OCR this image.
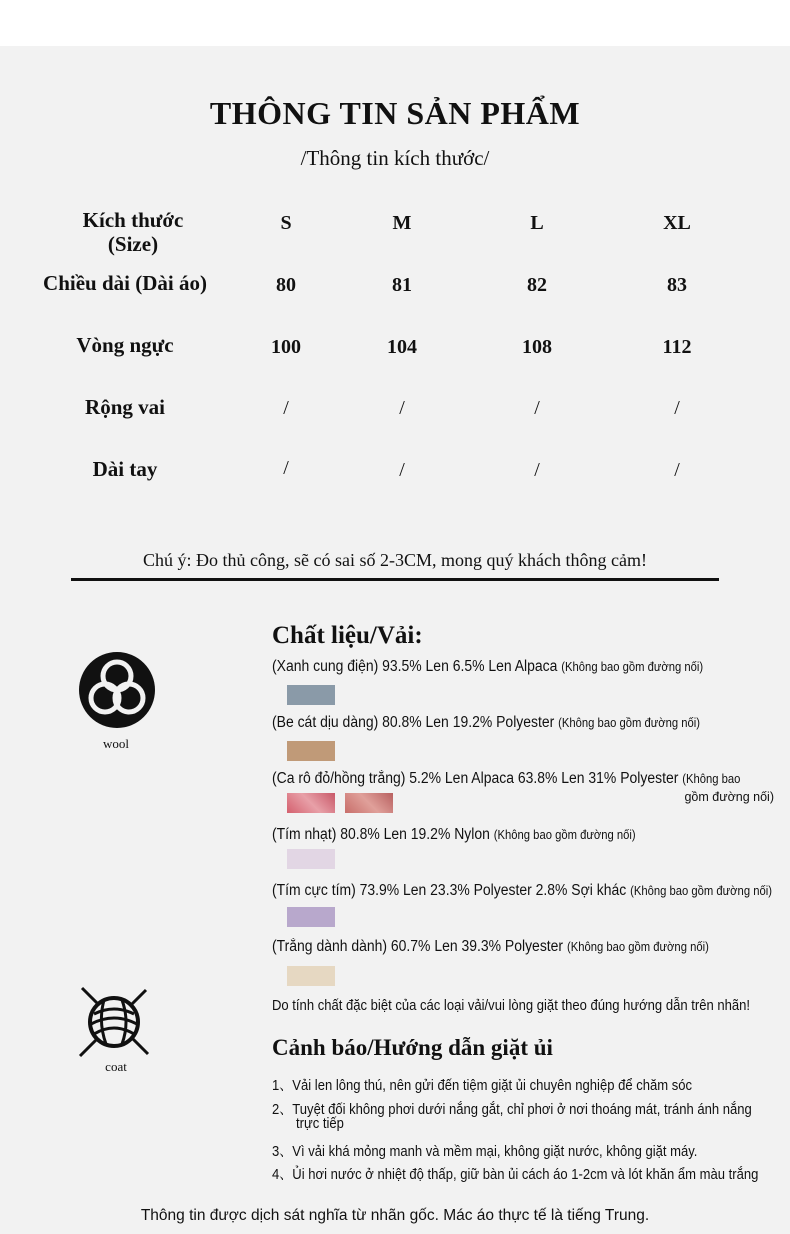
THÔNG TIN SẢN PHẨM
/Thông tin kích thước/
Kích thước
(Size)
S	M	L	XL
Chiều dài (Dài áo)	80	81	82	83
Vòng ngực	100	104	108	112
Rộng vai	/	/	/	/
Dài tay	/	/	/	/
Chú ý: Đo thủ công, sẽ có sai số 2-3CM, mong quý khách thông cảm!
wool
coat
Chất liệu/Vải:
(Xanh cung điện) 93.5% Len 6.5% Len Alpaca (Không bao gồm đường nối)
(Be cát dịu dàng) 80.8% Len 19.2% Polyester (Không bao gồm đường nối)
(Ca rô đỏ/hồng trắng) 5.2% Len Alpaca 63.8% Len 31% Polyester (Không bao
gồm đường nối)
(Tím nhạt) 80.8% Len 19.2% Nylon (Không bao gồm đường nối)
(Tím cực tím) 73.9% Len 23.3% Polyester 2.8% Sợi khác (Không bao gồm đường nối)
(Trắng dành dành) 60.7% Len 39.3% Polyester (Không bao gồm đường nối)
Do tính chất đặc biệt của các loại vải/vui lòng giặt theo đúng hướng dẫn trên nhãn!
Cảnh báo/Hướng dẫn giặt ủi
1、Vải len lông thú, nên gửi đến tiệm giặt ủi chuyên nghiệp để chăm sóc
2、Tuyệt đối không phơi dưới nắng gắt, chỉ phơi ở nơi thoáng mát, tránh ánh nắng
trực tiếp
3、Vì vải khá mỏng manh và mềm mại, không giặt nước, không giặt máy.
4、Ủi hơi nước ở nhiệt độ thấp, giữ bàn ủi cách áo 1-2cm và lót khăn ẩm màu trắng
Thông tin được dịch sát nghĩa từ nhãn gốc. Mác áo thực tế là tiếng Trung.
